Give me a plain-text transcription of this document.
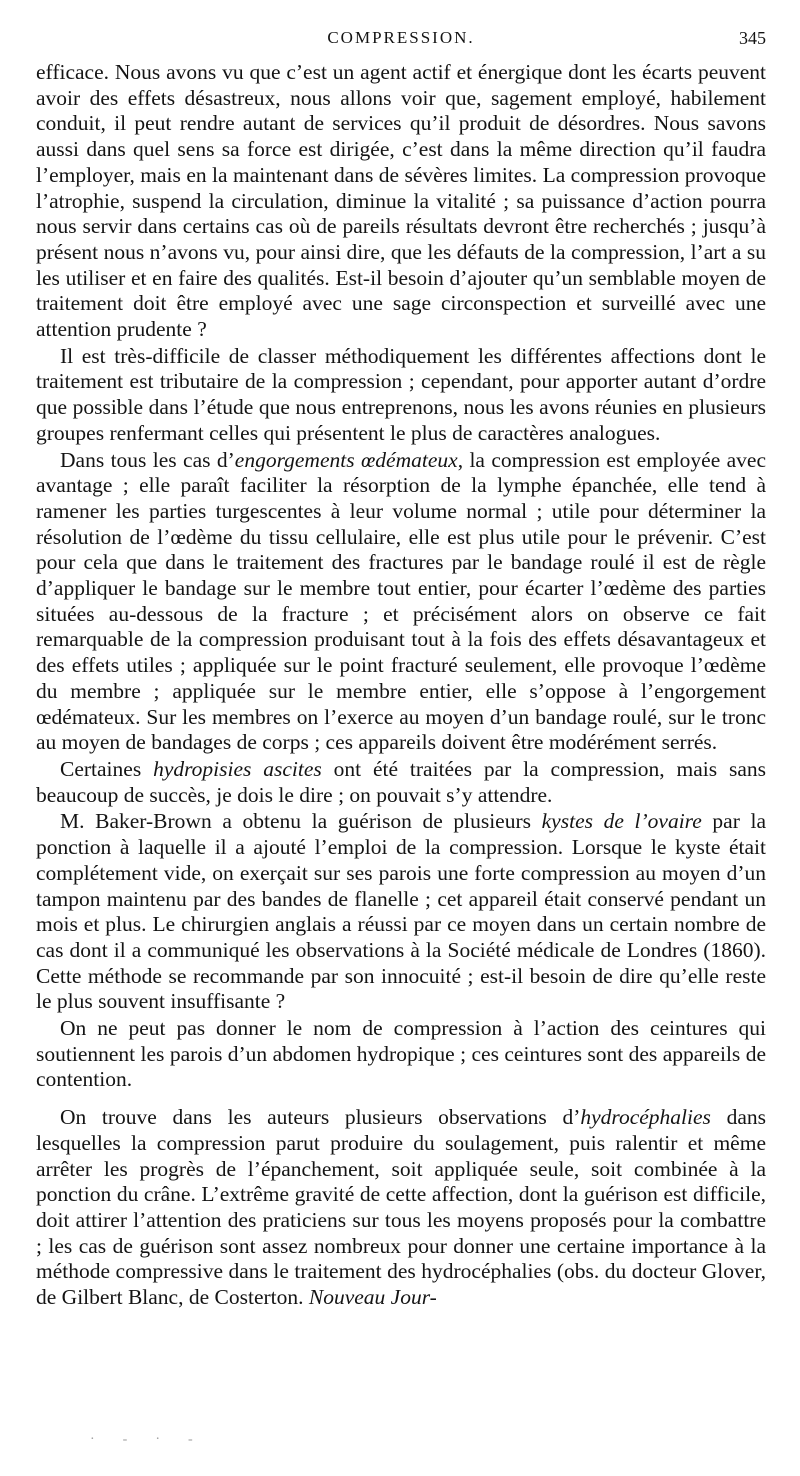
COMPRESSION.	345

efficace. Nous avons vu que c’est un agent actif et énergique dont les écarts peuvent avoir des effets désastreux, nous allons voir que, sagement employé, habilement conduit, il peut rendre autant de services qu’il produit de désordres. Nous savons aussi dans quel sens sa force est dirigée, c’est dans la même direction qu’il faudra l’employer, mais en la maintenant dans de sévères limites. La compression provoque l’atrophie, suspend la circulation, diminue la vitalité ; sa puissance d’action pourra nous servir dans certains cas où de pareils résultats devront être recherchés ; jusqu’à présent nous n’avons vu, pour ainsi dire, que les défauts de la compression, l’art a su les utiliser et en faire des qualités. Est-il besoin d’ajouter qu’un semblable moyen de traitement doit être employé avec une sage circonspection et surveillé avec une attention prudente ?

Il est très-difficile de classer méthodiquement les différentes affections dont le traitement est tributaire de la compression ; cependant, pour apporter autant d’ordre que possible dans l’étude que nous entreprenons, nous les avons réunies en plusieurs groupes renfermant celles qui présentent le plus de caractères analogues.

Dans tous les cas d’engorgements œdémateux, la compression est employée avec avantage ; elle paraît faciliter la résorption de la lymphe épanchée, elle tend à ramener les parties turgescentes à leur volume normal ; utile pour déterminer la résolution de l’œdème du tissu cellulaire, elle est plus utile pour le prévenir. C’est pour cela que dans le traitement des fractures par le bandage roulé il est de règle d’appliquer le bandage sur le membre tout entier, pour écarter l’œdème des parties situées au-dessous de la fracture ; et précisément alors on observe ce fait remarquable de la compression produisant tout à la fois des effets désavantageux et des effets utiles ; appliquée sur le point fracturé seulement, elle provoque l’œdème du membre ; appliquée sur le membre entier, elle s’oppose à l’engorgement œdémateux. Sur les membres on l’exerce au moyen d’un bandage roulé, sur le tronc au moyen de bandages de corps ; ces appareils doivent être modérément serrés.

Certaines hydropisies ascites ont été traitées par la compression, mais sans beaucoup de succès, je dois le dire ; on pouvait s’y attendre.

M. Baker-Brown a obtenu la guérison de plusieurs kystes de l’ovaire par la ponction à laquelle il a ajouté l’emploi de la compression. Lorsque le kyste était complétement vide, on exerçait sur ses parois une forte compression au moyen d’un tampon maintenu par des bandes de flanelle ; cet appareil était conservé pendant un mois et plus. Le chirurgien anglais a réussi par ce moyen dans un certain nombre de cas dont il a communiqué les observations à la Société médicale de Londres (1860). Cette méthode se recommande par son innocuité ; est-il besoin de dire qu’elle reste le plus souvent insuffisante ?

On ne peut pas donner le nom de compression à l’action des ceintures qui soutiennent les parois d’un abdomen hydropique ; ces ceintures sont des appareils de contention.

On trouve dans les auteurs plusieurs observations d’hydrocéphalies dans lesquelles la compression parut produire du soulagement, puis ralentir et même arrêter les progrès de l’épanchement, soit appliquée seule, soit combinée à la ponction du crâne. L’extrême gravité de cette affection, dont la guérison est difficile, doit attirer l’attention des praticiens sur tous les moyens proposés pour la combattre ; les cas de guérison sont assez nombreux pour donner une certaine importance à la méthode compressive dans le traitement des hydrocéphalies (obs. du docteur Glover, de Gilbert Blanc, de Costerton. Nouveau Jour-

·-·-
